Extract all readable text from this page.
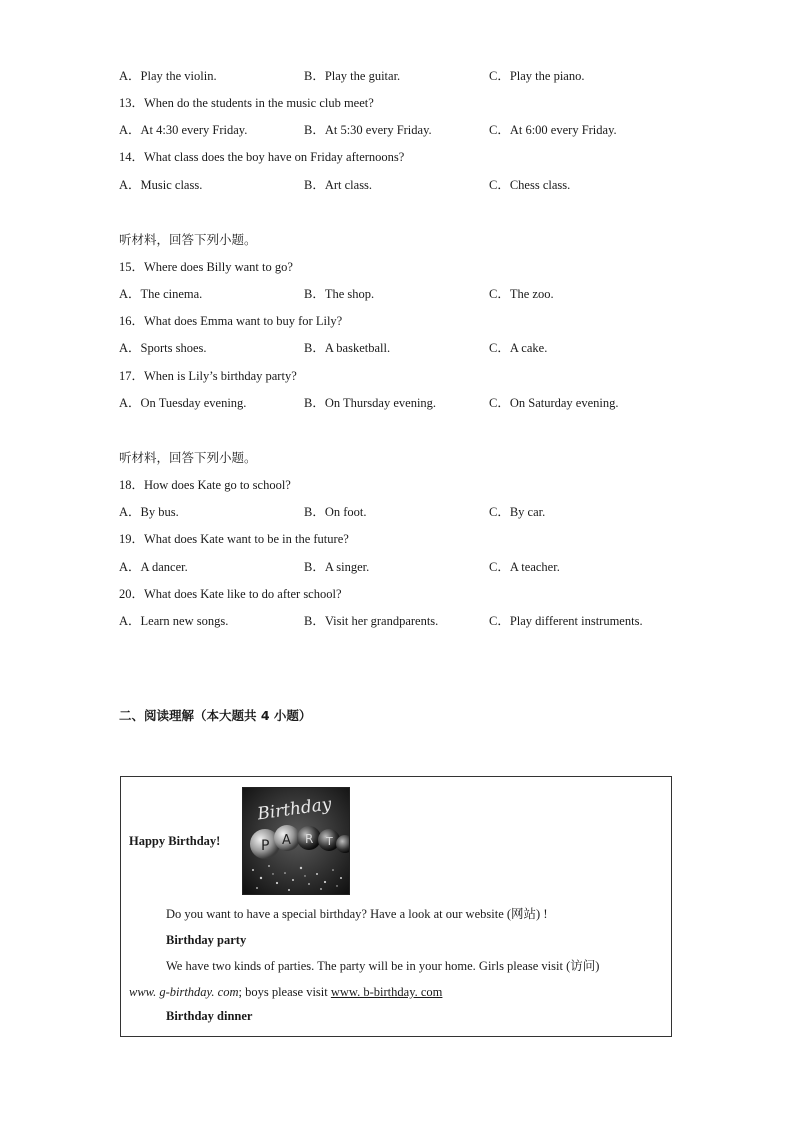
A．Play the violin.	B．Play the guitar.	C．Play the piano.
13．When do the students in the music club meet?
A．At 4:30 every Friday.	B．At 5:30 every Friday.	C．At 6:00 every Friday.
14．What class does the boy have on Friday afternoons?
A．Music class.	B．Art class.	C．Chess class.
听材料，回答下列小题。
15．Where does Billy want to go?
A．The cinema.	B．The shop.	C．The zoo.
16．What does Emma want to buy for Lily?
A．Sports shoes.	B．A basketball.	C．A cake.
17．When is Lily’s birthday party?
A．On Tuesday evening.	B．On Thursday evening.	C．On Saturday evening.
听材料，回答下列小题。
18．How does Kate go to school?
A．By bus.	B．On foot.	C．By car.
19．What does Kate want to be in the future?
A．A dancer.	B．A singer.	C．A teacher.
20．What does Kate like to do after school?
A．Learn new songs.	B．Visit her grandparents.	C．Play different instruments.
二、阅读理解（本大题共 4 小题）
Happy Birthday!
Birthday
P A R T
Do you want to have a special birthday? Have a look at our website (网站) !
Birthday party
We have two kinds of parties. The party will be in your home. Girls please visit (访问)
www. g-birthday. com; boys please visit www. b-birthday. com
Birthday dinner
